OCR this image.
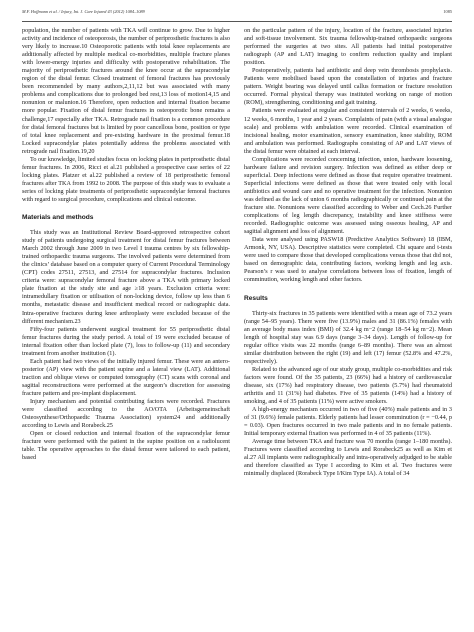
M.F. Hoffmann et al. / Injury, Int. J. Care Injured 43 (2012) 1084–1089	1085

population, the number of patients with TKA will continue to grow. Due to higher activity and incidence of osteoporosis, the number of periprosthetic fractures is also very likely to increase.10 Osteoporotic patients with total knee replacements are additionally affected by multiple medical co-morbidities, multiple fracture planes with lower-energy injuries and difficulty with postoperative rehabilitation. The majority of periprosthetic fractures around the knee occur at the supracondylar region of the distal femur. Closed treatment of femoral fractures has previously been recommended by many authors,2,11,12 but was associated with many problems and complications due to prolonged bed rest,13 loss of motion14,15 and nonunion or malunion.16 Therefore, open reduction and internal fixation became more popular. Fixation of distal femur fractures in osteoporotic bone remains a challenge,17 especially after TKA. Retrograde nail fixation is a common procedure for distal femoral fractures but is limited by poor cancellous bone, position or type of total knee replacement and pre-existing hardware in the proximal femur.18 Locked supracondylar plates potentially address the problems associated with retrograde nail fixation.19,20

To our knowledge, limited studies focus on locking plates in periprosthetic distal femur fractures. In 2006, Ricci et al.21 published a prospective case series of 22 locking plates. Platzer et al.22 published a review of 18 periprosthetic femoral fractures after TKA from 1992 to 2008. The purpose of this study was to evaluate a series of locking plate treatments of periprosthetic supracondylar femoral fractures with regard to surgical procedure, complications and clinical outcome.

Materials and methods

This study was an Institutional Review Board-approved retrospective cohort study of patients undergoing surgical treatment for distal femur fractures between March 2002 through June 2009 in two Level I trauma centres by six fellowship-trained orthopaedic trauma surgeons. The involved patients were determined from the clinics’ database based on a computer query of Current Procedural Terminology (CPT) codes 27511, 27513, and 27514 for supracondylar fractures. Inclusion criteria were: supracondylar femoral fracture above a TKA with primary locked plate fixation at the study site and age ≥18 years. Exclusion criteria were: intramedullary fixation or utilisation of non-locking device, follow up less than 6 months, metastatic disease and insufficient medical record or radiographic data. Intra-operative fractures during knee arthroplasty were excluded because of the different mechanism.23

Fifty-four patients underwent surgical treatment for 55 periprosthetic distal femur fractures during the study period. A total of 19 were excluded because of internal fixation other than locked plate (7), loss to follow-up (11) and secondary treatment from another institution (1).

Each patient had two views of the initially injured femur. These were an antero-posterior (AP) view with the patient supine and a lateral view (LAT). Additional traction and oblique views or computed tomography (CT) scans with coronal and sagittal reconstructions were performed at the surgeon’s discretion for assessing fracture pattern and pre-implant displacement.

Injury mechanism and potential contributing factors were recorded. Fractures were classified according to the AO/OTA (Arbeitsgemeinschaft Osteosynthese/Orthopaedic Trauma Association) system24 and additionally according to Lewis and Rorabeck.25

Open or closed reduction and internal fixation of the supracondylar femur fracture were performed with the patient in the supine position on a radiolucent table. The operative approaches to the distal femur were tailored to each patient, based

on the particular pattern of the injury, location of the fracture, associated injuries and soft-tissue involvement. Six trauma fellowship-trained orthopaedic surgeons performed the surgeries at two sites. All patients had initial postoperative radiograph (AP and LAT) imaging to confirm reduction quality and implant position.

Postoperatively, patients had antibiotic and deep vein thrombosis prophylaxis. Patients were mobilised based upon the constellation of injuries and fracture pattern. Weight bearing was delayed until callus formation or fracture resolution occurred. Formal physical therapy was instituted working on range of motion (ROM), strengthening, conditioning and gait training.

Patients were evaluated at regular and consistent intervals of 2 weeks, 6 weeks, 12 weeks, 6 months, 1 year and 2 years. Complaints of pain (with a visual analogue scale) and problems with ambulation were recorded. Clinical examination of incisional healing, motor examination, sensory examination, knee stability, ROM and ambulation was performed. Radiographs consisting of AP and LAT views of the distal femur were obtained at each interval.

Complications were recorded concerning infection, union, hardware loosening, hardware failure and revision surgery. Infection was defined as either deep or superficial. Deep infections were defined as those that require operative treatment. Superficial infections were defined as those that were treated only with local antibiotics and wound care and no operative treatment for the infection. Nonunion was defined as the lack of union 6 months radiographically or continued pain at the fracture site. Nonunions were classified according to Weber and Cech.26 Further complications of leg length discrepancy, instability and knee stiffness were recorded. Radiographic outcome was assessed using osseous healing, AP and sagittal alignment and loss of alignment.

Data were analysed using PASW18 (Predictive Analytics Software) 18 (IBM, Armonk, NY, USA). Descriptive statistics were completed. Chi square and t-tests were used to compare those that developed complications versus those that did not, based on demographic data, contributing factors, working length and leg axis. Pearson’s r was used to analyse correlations between loss of fixation, length of comminution, working length and other factors.

Results

Thirty-six fractures in 35 patients were identified with a mean age of 73.2 years (range 54–95 years). There were five (13.9%) males and 31 (86.1%) females with an average body mass index (BMI) of 32.4 kg m−2 (range 18–54 kg m−2). Mean length of hospital stay was 6.9 days (range 3–34 days). Length of follow-up for regular office visits was 22 months (range 6–89 months). There was an almost similar distribution between the right (19) and left (17) femur (52.8% and 47.2%, respectively).

Related to the advanced age of our study group, multiple co-morbidities and risk factors were found. Of the 35 patients, 23 (66%) had a history of cardiovascular disease, six (17%) had respiratory disease, two patients (5.7%) had rheumatoid arthritis and 11 (31%) had diabetes. Five of 35 patients (14%) had a history of smoking, and 4 of 35 patients (11%) were active smokers.

A high-energy mechanism occurred in two of five (40%) male patients and in 3 of 31 (9.6%) female patients. Elderly patients had lesser comminution (r = −0.44, p = 0.03). Open fractures occurred in two male patients and in no female patients. Initial temporary external fixation was performed in 4 of 35 patients (11%).

Average time between TKA and fracture was 70 months (range 1–180 months). Fractures were classified according to Lewis and Rorabeck25 as well as Kim et al.27 All implants were radiographically and intra-operatively adjudged to be stable and therefore classified as Type I according to Kim et al. Two fractures were minimally displaced (Rorabeck Type I/Kim Type IA). A total of 34
